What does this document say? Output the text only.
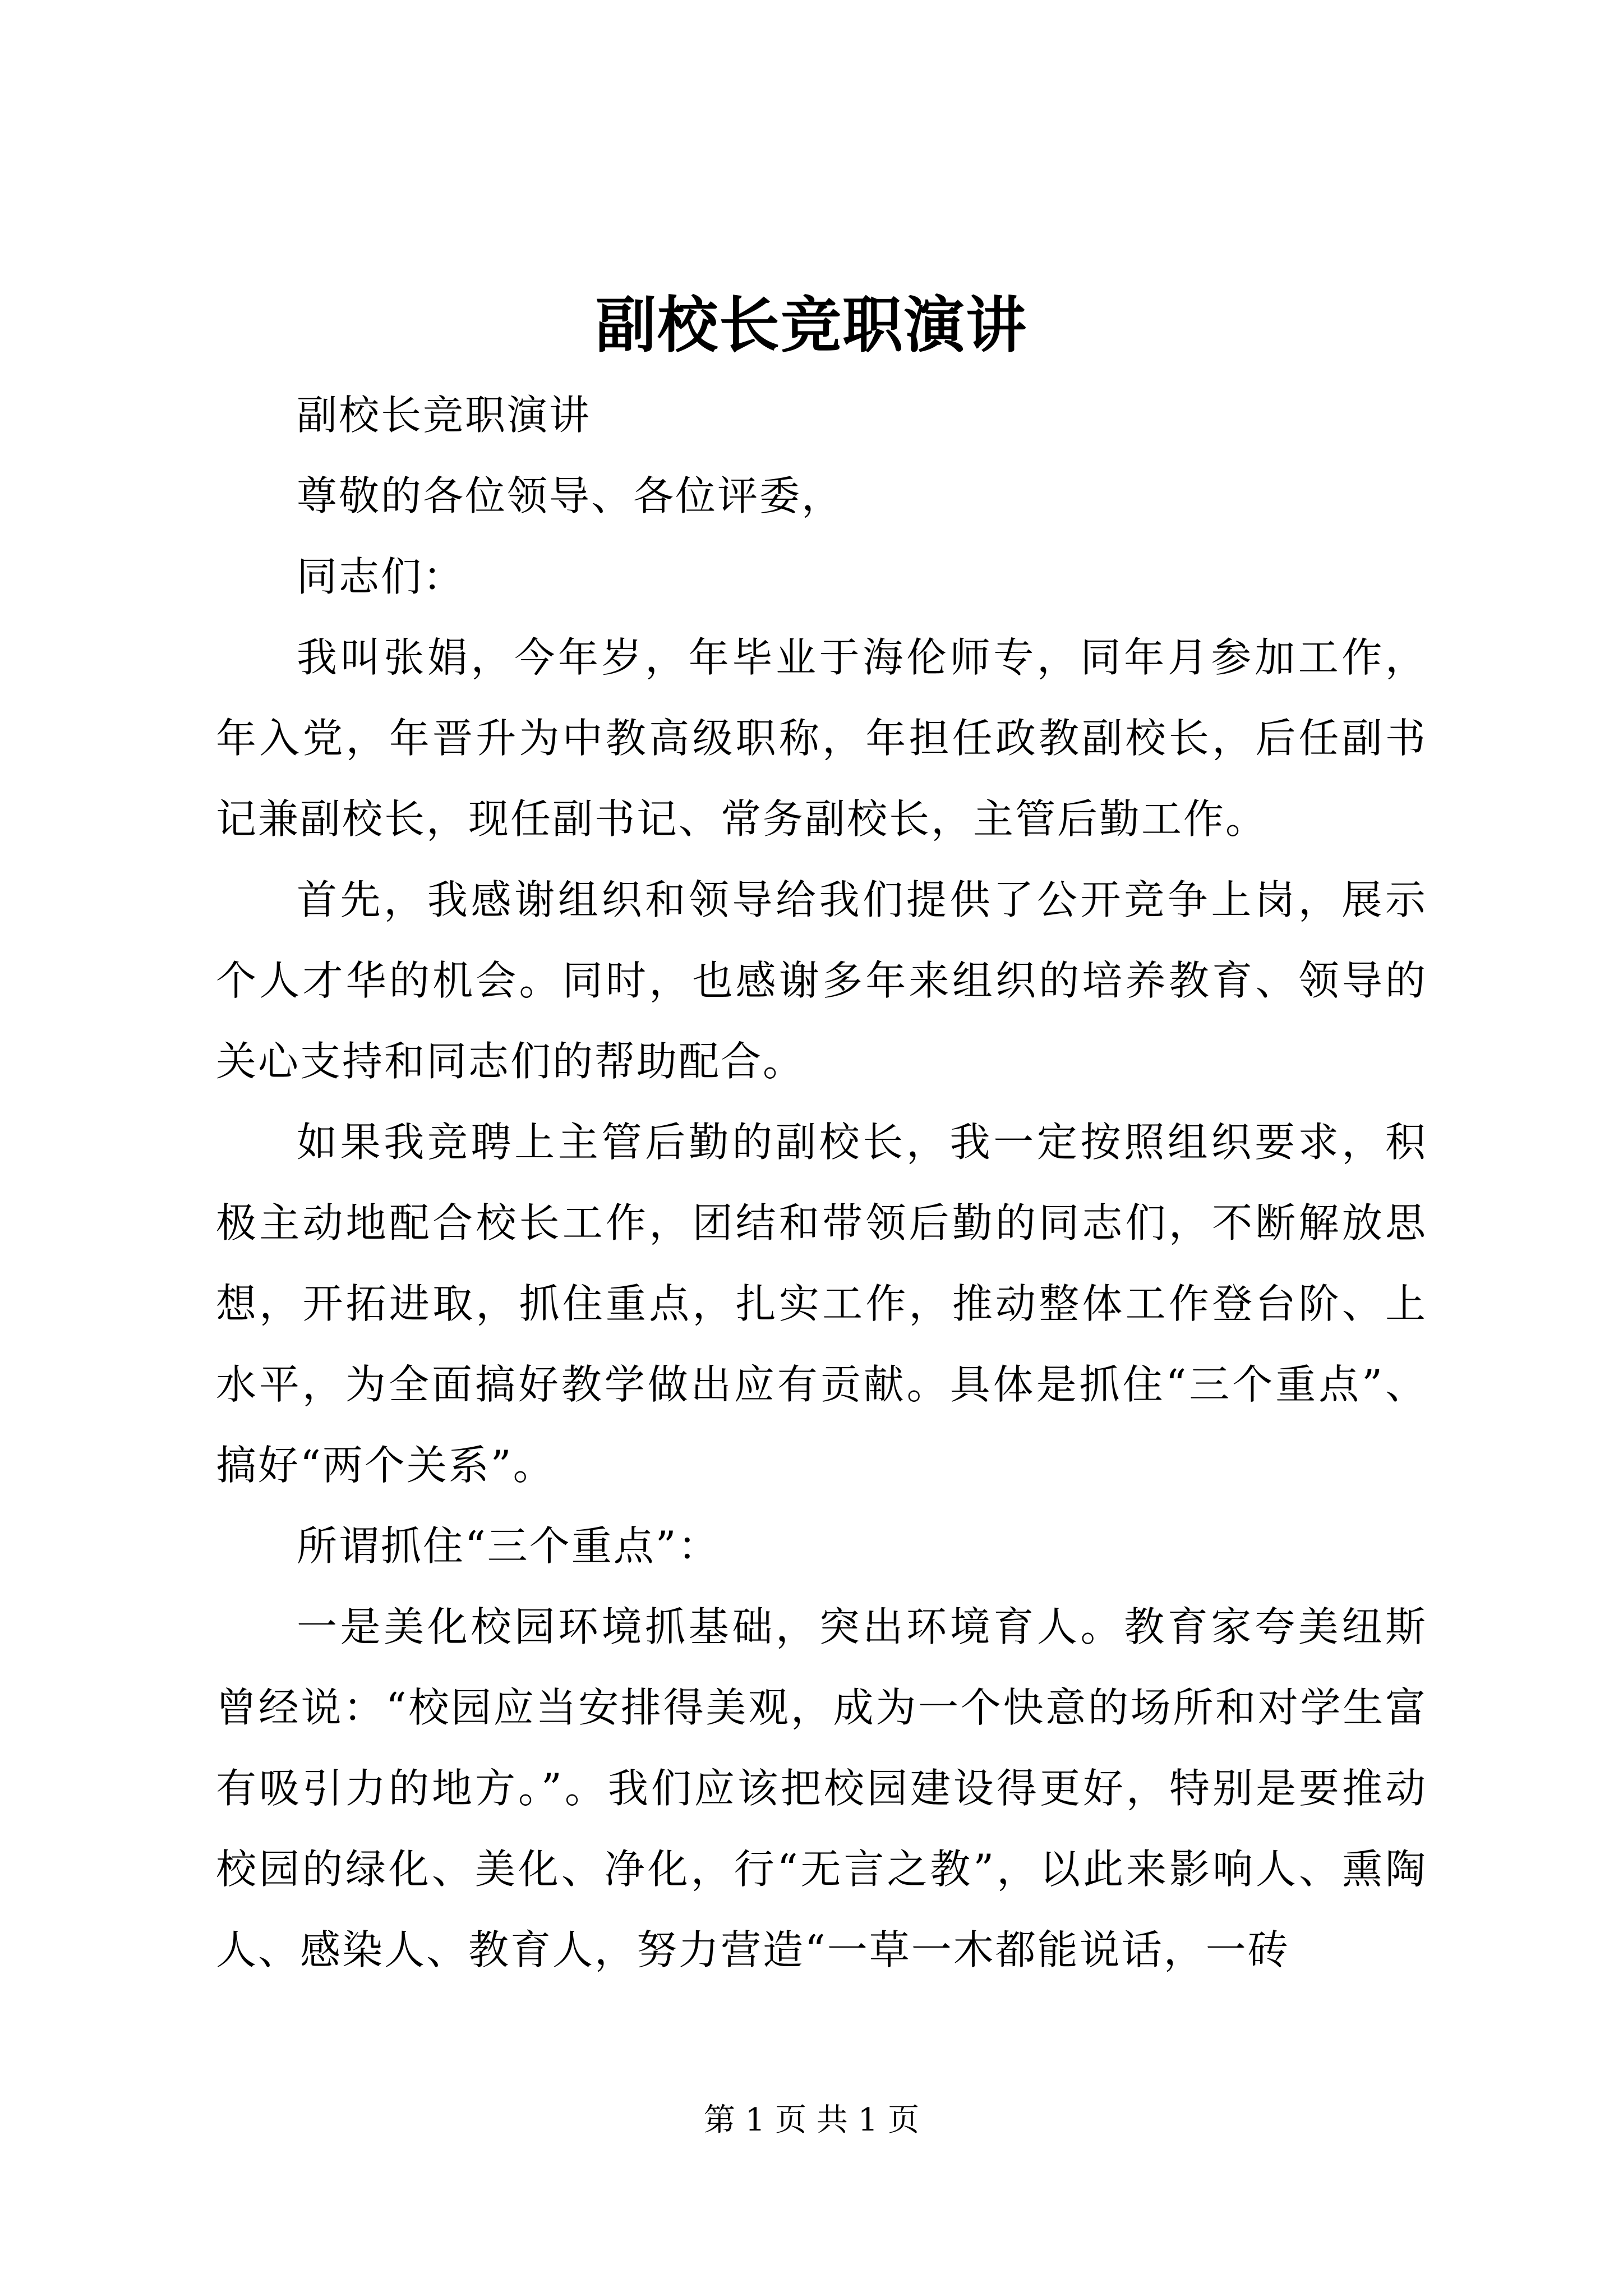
副校长竞职演讲

副校长竞职演讲

尊敬的各位领导、各位评委，

同志们：

我叫张娟，今年岁，年毕业于海伦师专，同年月参加工作，年入党，年晋升为中教高级职称，年担任政教副校长，后任副书记兼副校长，现任副书记、常务副校长，主管后勤工作。

首先，我感谢组织和领导给我们提供了公开竞争上岗，展示个人才华的机会。同时，也感谢多年来组织的培养教育、领导的关心支持和同志们的帮助配合。

如果我竞聘上主管后勤的副校长，我一定按照组织要求，积极主动地配合校长工作，团结和带领后勤的同志们，不断解放思想，开拓进取，抓住重点，扎实工作，推动整体工作登台阶、上水平，为全面搞好教学做出应有贡献。具体是抓住“三个重点”、搞好“两个关系”。

所谓抓住“三个重点”：

一是美化校园环境抓基础，突出环境育人。教育家夸美纽斯曾经说：“校园应当安排得美观，成为一个快意的场所和对学生富有吸引力的地方。”。我们应该把校园建设得更好，特别是要推动校园的绿化、美化、净化，行“无言之教”，以此来影响人、熏陶人、感染人、教育人，努力营造“一草一木都能说话，一砖

第 1 页 共 1 页
